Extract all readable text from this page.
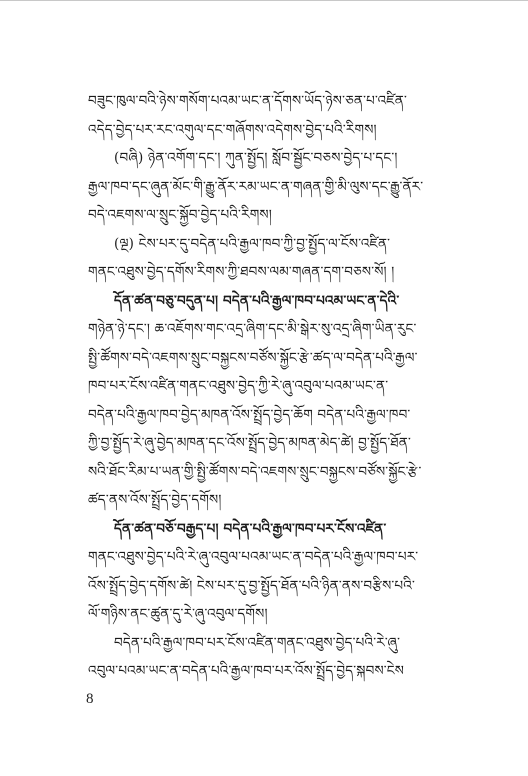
བཟུང་ཁུལ་བའི་ཉེས་གསོག་པའམ་ཡང་ན་དོགས་ཡོད་ཉེས་ཅན་པ་འཛིན་
འདེད་བྱེད་པར་རང་འགུལ་དང་གཞོགས་འདེགས་བྱེད་པའི་རིགས།
(བཞི) ཉེན་འགོག་དང་། ཀུན་སྤྱོད། སློབ་སྦྱོང་བཅས་བྱེད་པ་དང་།
རྒྱལ་ཁབ་དང་ཞུན་མོང་གི་རྒྱུ་ནོར་རམ་ཡང་ན་གཞན་གྱི་མི་ལུས་དང་རྒྱུ་ནོར་
བདེ་འཇགས་ལ་སྲུང་སྐྱོབ་བྱེད་པའི་རིགས།
(ལྔ) ངེས་པར་དུ་བདེན་པའི་རྒྱལ་ཁབ་ཀྱི་བྱ་སྤྱོད་ལ་ངོས་འཛིན་
གནང་འཐུས་བྱེད་དགོས་རིགས་ཀྱི་ཐབས་ལམ་གཞན་དག་བཅས་སོ། །
དོན་ཚན་བཅུ་བདུན་པ། བདེན་པའི་རྒྱལ་ཁབ་པའམ་ཡང་ན་དེའི་
གཉེན་ཉེ་དང་། ཆ་འཇོགས་གང་འདྲ་ཞིག་དང་མི་སྒེར་སུ་འདྲ་ཞིག་ཡིན་རུང་
སྤྱི་ཚོགས་བདེ་འཇགས་སྲུང་བསྐྱངས་བཙོས་སྐྱོང་རྩེ་ཚད་ལ་བདེན་པའི་རྒྱལ་
ཁབ་པར་ངོས་འཛིན་གནང་འཐུས་བྱེད་ཀྱི་རེ་ཞུ་འབུལ་པའམ་ཡང་ན་
བདེན་པའི་རྒྱལ་ཁབ་བྱེད་མཁན་འོས་སྤྲོད་བྱེད་ཆོག བདེན་པའི་རྒྱལ་ཁབ་
ཀྱི་བྱ་སྤྱོད་རེ་ཞུ་བྱེད་མཁན་དང་འོས་སྤྲོད་བྱེད་མཁན་མེད་ཚེ། བྱ་སྤྱོད་ཐོན་
སའི་ཐོང་རིམ་པ་ཡན་གྱི་སྤྱི་ཚོགས་བདེ་འཇགས་སྲུང་བསྐྱངས་བཙོས་སྐྱོང་རྩེ་
ཚད་ནས་འོས་སྤྲོད་བྱེད་དགོས།
དོན་ཚན་བཅོ་བརྒྱད་པ། བདེན་པའི་རྒྱལ་ཁབ་པར་ངོས་འཛིན་
གནང་འཐུས་བྱེད་པའི་རེ་ཞུ་འབུལ་པའམ་ཡང་ན་བདེན་པའི་རྒྱལ་ཁབ་པར་
འོས་སྤྲོད་བྱེད་དགོས་ཚེ། ངེས་པར་དུ་བྱ་སྤྱོད་ཐོན་པའི་ཉིན་ནས་བརྩིས་པའི་
ལོ་གཉིས་ནང་ཚུན་དུ་རེ་ཞུ་འབུལ་དགོས།
བདེན་པའི་རྒྱལ་ཁབ་པར་ངོས་འཛིན་གནང་འཐུས་བྱེད་པའི་རེ་ཞུ་
འབུལ་པའམ་ཡང་ན་བདེན་པའི་རྒྱལ་ཁབ་པར་འོས་སྤྲོད་བྱེད་སྐབས་ངེས
8
